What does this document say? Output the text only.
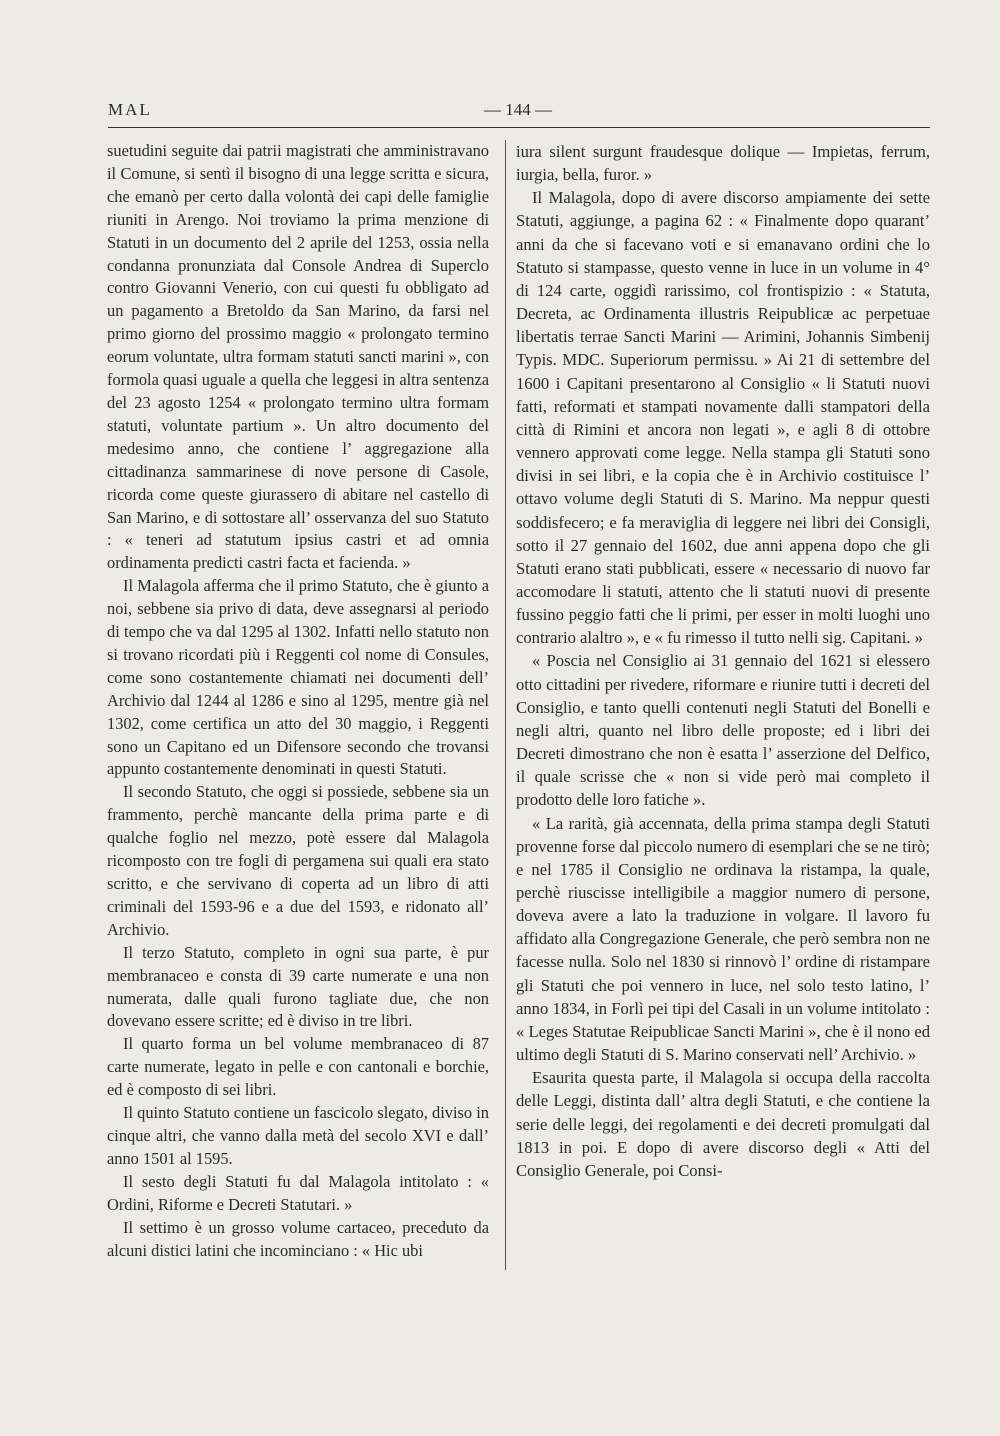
MAL	— 144 —

suetudini seguite dai patrii magistrati che amministravano il Comune, si sentì il bisogno di una legge scritta e sicura, che emanò per certo dalla volontà dei capi delle famiglie riuniti in Arengo. Noi troviamo la prima menzione di Statuti in un documento del 2 aprile del 1253, ossia nella condanna pronunziata dal Console Andrea di Superclo contro Giovanni Venerio, con cui questi fu obbligato ad un pagamento a Bretoldo da San Marino, da farsi nel primo giorno del prossimo maggio « prolongato termino eorum voluntate, ultra formam statuti sancti marini », con formola quasi uguale a quella che leggesi in altra sentenza del 23 agosto 1254 « prolongato termino ultra formam statuti, voluntate partium ». Un altro documento del medesimo anno, che contiene l’ aggregazione alla cittadinanza sammarinese di nove persone di Casole, ricorda come queste giurassero di abitare nel castello di San Marino, e di sottostare all’ osservanza del suo Statuto : « teneri ad statutum ipsius castri et ad omnia ordinamenta predicti castri facta et facienda. »

Il Malagola afferma che il primo Statuto, che è giunto a noi, sebbene sia privo di data, deve assegnarsi al periodo di tempo che va dal 1295 al 1302. Infatti nello statuto non si trovano ricordati più i Reggenti col nome di Consules, come sono costantemente chiamati nei documenti dell’ Archivio dal 1244 al 1286 e sino al 1295, mentre già nel 1302, come certifica un atto del 30 maggio, i Reggenti sono un Capitano ed un Difensore secondo che trovansi appunto costantemente denominati in questi Statuti.

Il secondo Statuto, che oggi si possiede, sebbene sia un frammento, perchè mancante della prima parte e di qualche foglio nel mezzo, potè essere dal Malagola ricomposto con tre fogli di pergamena sui quali era stato scritto, e che servivano di coperta ad un libro di atti criminali del 1593-96 e a due del 1593, e ridonato all’ Archivio.

Il terzo Statuto, completo in ogni sua parte, è pur membranaceo e consta di 39 carte numerate e una non numerata, dalle quali furono tagliate due, che non dovevano essere scritte; ed è diviso in tre libri.

Il quarto forma un bel volume membranaceo di 87 carte numerate, legato in pelle e con cantonali e borchie, ed è composto di sei libri.

Il quinto Statuto contiene un fascicolo slegato, diviso in cinque altri, che vanno dalla metà del secolo XVI e dall’ anno 1501 al 1595.

Il sesto degli Statuti fu dal Malagola intitolato : « Ordini, Riforme e Decreti Statutari. »

Il settimo è un grosso volume cartaceo, preceduto da alcuni distici latini che incominciano : « Hic ubi

iura silent surgunt fraudesque dolique — Impietas, ferrum, iurgia, bella, furor. »

Il Malagola, dopo di avere discorso ampiamente dei sette Statuti, aggiunge, a pagina 62 : « Finalmente dopo quarant’ anni da che si facevano voti e si emanavano ordini che lo Statuto si stampasse, questo venne in luce in un volume in 4° di 124 carte, oggidì rarissimo, col frontispizio : « Statuta, Decreta, ac Ordinamenta illustris Reipublicæ ac perpetuae libertatis terrae Sancti Marini — Arimini, Johannis Simbenij Typis. MDC. Superiorum permissu. » Ai 21 di settembre del 1600 i Capitani presentarono al Consiglio « li Statuti nuovi fatti, reformati et stampati novamente dalli stampatori della città di Rimini et ancora non legati », e agli 8 di ottobre vennero approvati come legge. Nella stampa gli Statuti sono divisi in sei libri, e la copia che è in Archivio costituisce l’ ottavo volume degli Statuti di S. Marino. Ma neppur questi soddisfecero; e fa meraviglia di leggere nei libri dei Consigli, sotto il 27 gennaio del 1602, due anni appena dopo che gli Statuti erano stati pubblicati, essere « necessario di nuovo far accomodare li statuti, attento che li statuti nuovi di presente fussino peggio fatti che li primi, per esser in molti luoghi uno contrario alaltro », e « fu rimesso il tutto nelli sig. Capitani. »

« Poscia nel Consiglio ai 31 gennaio del 1621 si elessero otto cittadini per rivedere, riformare e riunire tutti i decreti del Consiglio, e tanto quelli contenuti negli Statuti del Bonelli e negli altri, quanto nel libro delle proposte; ed i libri dei Decreti dimostrano che non è esatta l’ asserzione del Delfico, il quale scrisse che « non si vide però mai completo il prodotto delle loro fatiche ».

« La rarità, già accennata, della prima stampa degli Statuti provenne forse dal piccolo numero di esemplari che se ne tirò; e nel 1785 il Consiglio ne ordinava la ristampa, la quale, perchè riuscisse intelligibile a maggior numero di persone, doveva avere a lato la traduzione in volgare. Il lavoro fu affidato alla Congregazione Generale, che però sembra non ne facesse nulla. Solo nel 1830 si rinnovò l’ ordine di ristampare gli Statuti che poi vennero in luce, nel solo testo latino, l’ anno 1834, in Forlì pei tipi del Casali in un volume intitolato : « Leges Statutae Reipublicae Sancti Marini », che è il nono ed ultimo degli Statuti di S. Marino conservati nell’ Archivio. »

Esaurita questa parte, il Malagola si occupa della raccolta delle Leggi, distinta dall’ altra degli Statuti, e che contiene la serie delle leggi, dei regolamenti e dei decreti promulgati dal 1813 in poi. E dopo di avere discorso degli « Atti del Consiglio Generale, poi Consi-
